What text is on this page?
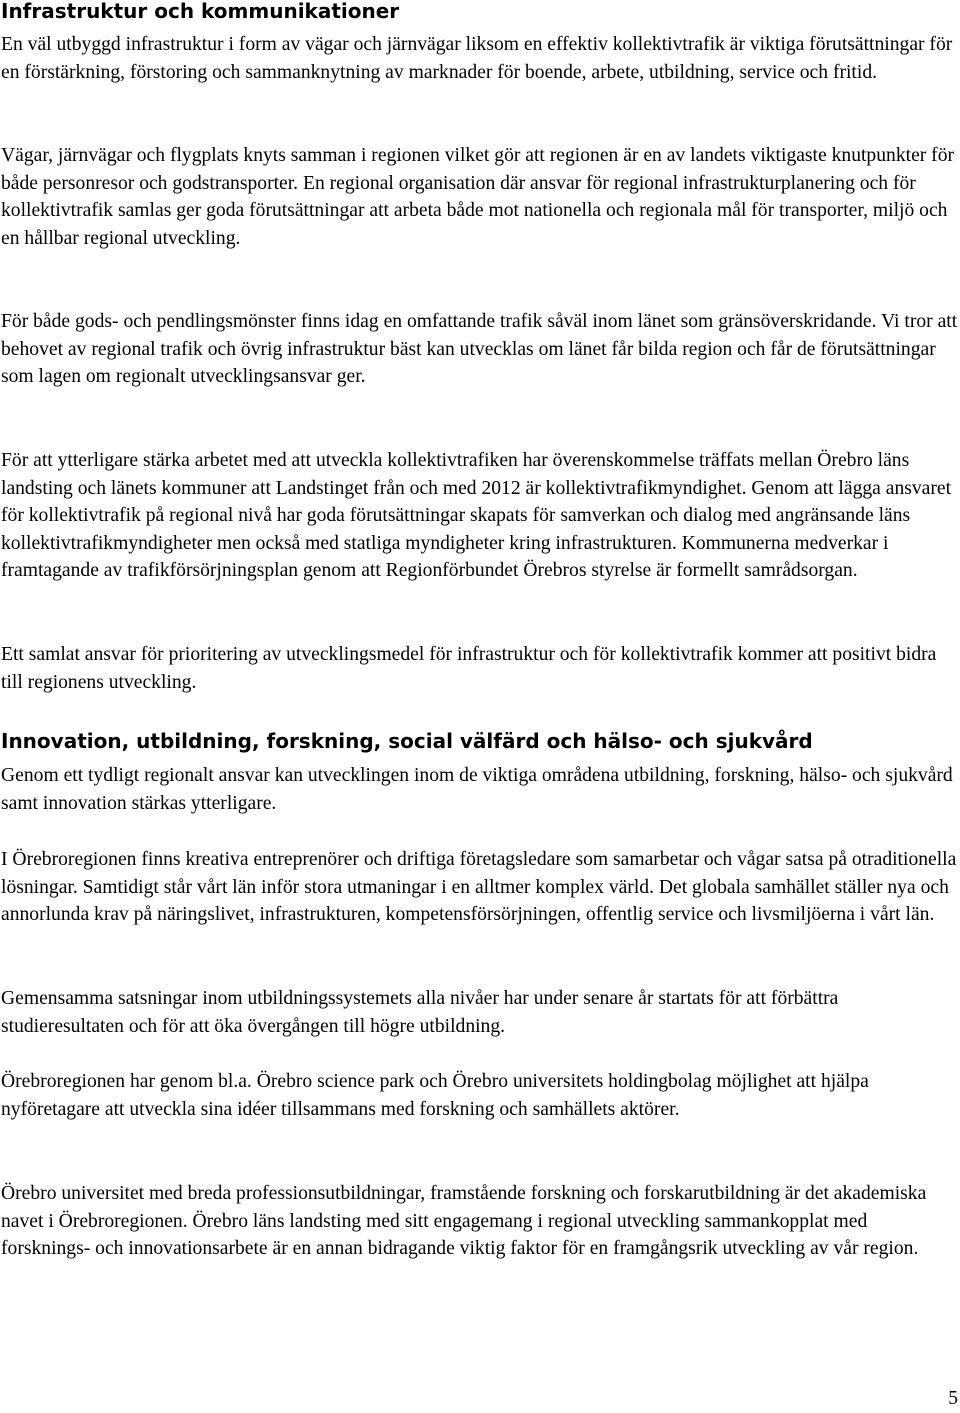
Infrastruktur och kommunikationer

En väl utbyggd infrastruktur i form av vägar och järnvägar liksom en effektiv kollektivtrafik är viktiga förutsättningar för en förstärkning, förstoring och sammanknytning av marknader för boende, arbete, utbildning, service och fritid.

Vägar, järnvägar och flygplats knyts samman i regionen vilket gör att regionen är en av landets viktigaste knutpunkter för både personresor och godstransporter. En regional organisation där ansvar för regional infrastrukturplanering och för kollektivtrafik samlas ger goda förutsättningar att arbeta både mot nationella och regionala mål för transporter, miljö och en hållbar regional utveckling.

För både gods- och pendlingsmönster finns idag en omfattande trafik såväl inom länet som gränsöverskridande. Vi tror att behovet av regional trafik och övrig infrastruktur bäst kan utvecklas om länet får bilda region och får de förutsättningar som lagen om regionalt utvecklingsansvar ger.

För att ytterligare stärka arbetet med att utveckla kollektivtrafiken har överenskommelse träffats mellan Örebro läns landsting och länets kommuner att Landstinget från och med 2012 är kollektivtrafikmyndighet. Genom att lägga ansvaret för kollektivtrafik på regional nivå har goda förutsättningar skapats för samverkan och dialog med angränsande läns kollektivtrafikmyndigheter men också med statliga myndigheter kring infrastrukturen. Kommunerna medverkar i framtagande av trafikförsörjningsplan genom att Regionförbundet Örebros styrelse är formellt samrådsorgan.

Ett samlat ansvar för prioritering av utvecklingsmedel för infrastruktur och för kollektivtrafik kommer att positivt bidra till regionens utveckling.

Innovation, utbildning, forskning, social välfärd och hälso- och sjukvård

Genom ett tydligt regionalt ansvar kan utvecklingen inom de viktiga områdena utbildning, forskning, hälso- och sjukvård samt innovation stärkas ytterligare.

I Örebroregionen finns kreativa entreprenörer och driftiga företagsledare som samarbetar och vågar satsa på otraditionella lösningar. Samtidigt står vårt län inför stora utmaningar i en alltmer komplex värld. Det globala samhället ställer nya och annorlunda krav på näringslivet, infrastrukturen, kompetensförsörjningen, offentlig service och livsmiljöerna i vårt län.

Gemensamma satsningar inom utbildningssystemets alla nivåer har under senare år startats för att förbättra studieresultaten och för att öka övergången till högre utbildning.

Örebroregionen har genom bl.a. Örebro science park och Örebro universitets holdingbolag möjlighet att hjälpa nyföretagare att utveckla sina idéer tillsammans med forskning och samhällets aktörer.

Örebro universitet med breda professionsutbildningar, framstående forskning och forskarutbildning är det akademiska navet i Örebroregionen. Örebro läns landsting med sitt engagemang i regional utveckling sammankopplat med forsknings- och innovationsarbete är en annan bidragande viktig faktor för en framgångsrik utveckling av vår region.

5
